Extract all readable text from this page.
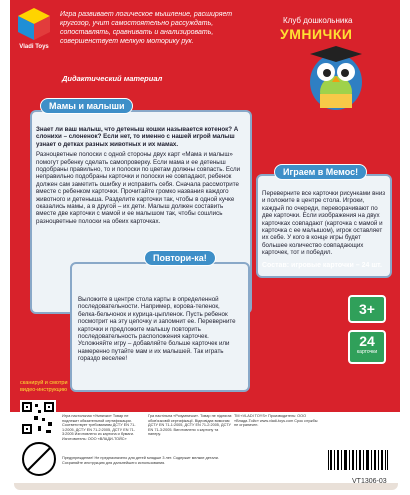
Vladi Toys
Игра развивает логическое мышление, расширяет кругозор, учит самостоятельно рассуждать, сопоставлять, сравнивать и анализировать, совершенствует мелкую моторику рук.
Дидактический материал
Клуб дошкольника
УМНИЧКИ
Мамы и малыши
Знает ли ваш малыш, что детеныш кошки называется котенок? А слонихи – слоненок? Если нет, то именно с нашей игрой малыш узнает о детках разных животных и их мамах.
Разноцветные полоски с одной стороны двух карт «Мама и малыш» помогут ребенку сделать самопроверку. Если мама и ее детеныш подобраны правильно, то и полоски по цветам должны совпасть. Если неправильно подобраны карточки и полоски не совпадают, ребенок должен сам заметить ошибку и исправить себя. Сначала рассмотрите вместе с ребенком карточки. Прочитайте громко названия каждого животного и детеныша. Разделите карточки так, чтобы в одной кучке оказались мамы, а в другой – их дети. Малыш должен составить вместе две карточки с мамой и ее малышом так, чтобы сошлись разноцветные полоски на обеих карточках.
Играем в Мемос!
Переверните все карточки рисунками вниз и положите в центре стола. Игроки, каждый по очереди, переворачивают по две карточки. Если изображения на двух карточках совпадают (карточка с мамой и карточка с ее малышом), игрок оставляет их себе. У кого в конце игры будет большее количество совпадающих карточек, тот и победил.
Состав: игровые карточки – 24 шт.
Повтори-ка!
Выложите в центре стола карты в определенной последовательности. Например, корова-теленок, белка-бельчонок и курица-цыпленок. Пусть ребенок посмотрит на эту цепочку и запомнит ее. Переверните карточки и предложите малышу повторить последовательность расположения карточек. Усложняйте игру – добавляйте больше карточек или намеренно путайте мам и их малышей. Так играть гораздо веселее!
3+
24
карточки
сканируй и смотри видео-инструкцию
Игра настольная «Умнички» Товар не подлежит обязательной сертификации. Соответствует требованиям ДСТУ EN 71-1:2005, ДСТУ EN 71-2:2005, ДСТУ EN 71-3:2005 Изготовлено из картона и бумаги. Изготовитель: ООО «ВЛАДИ-ТОЙС»
Гра настільна «Розумнички». Товар не підлягає обов'язковій сертифікації. Відповідає вимогам ДСТУ EN 71-1:2005, ДСТУ EN 71-2:2005, ДСТУ EN 71-3:2005. Виготовлено з картону та паперу.
ТМ «VLADI TOYS» Производитель: ООО «Влади-Тойс» www.vladi-toys.com Срок службы не ограничен.
Предупреждение! Не предназначено для детей младше 3 лет. Содержит мелкие детали. Сохраняйте инструкцию для дальнейшего использования.
VT1306-03
